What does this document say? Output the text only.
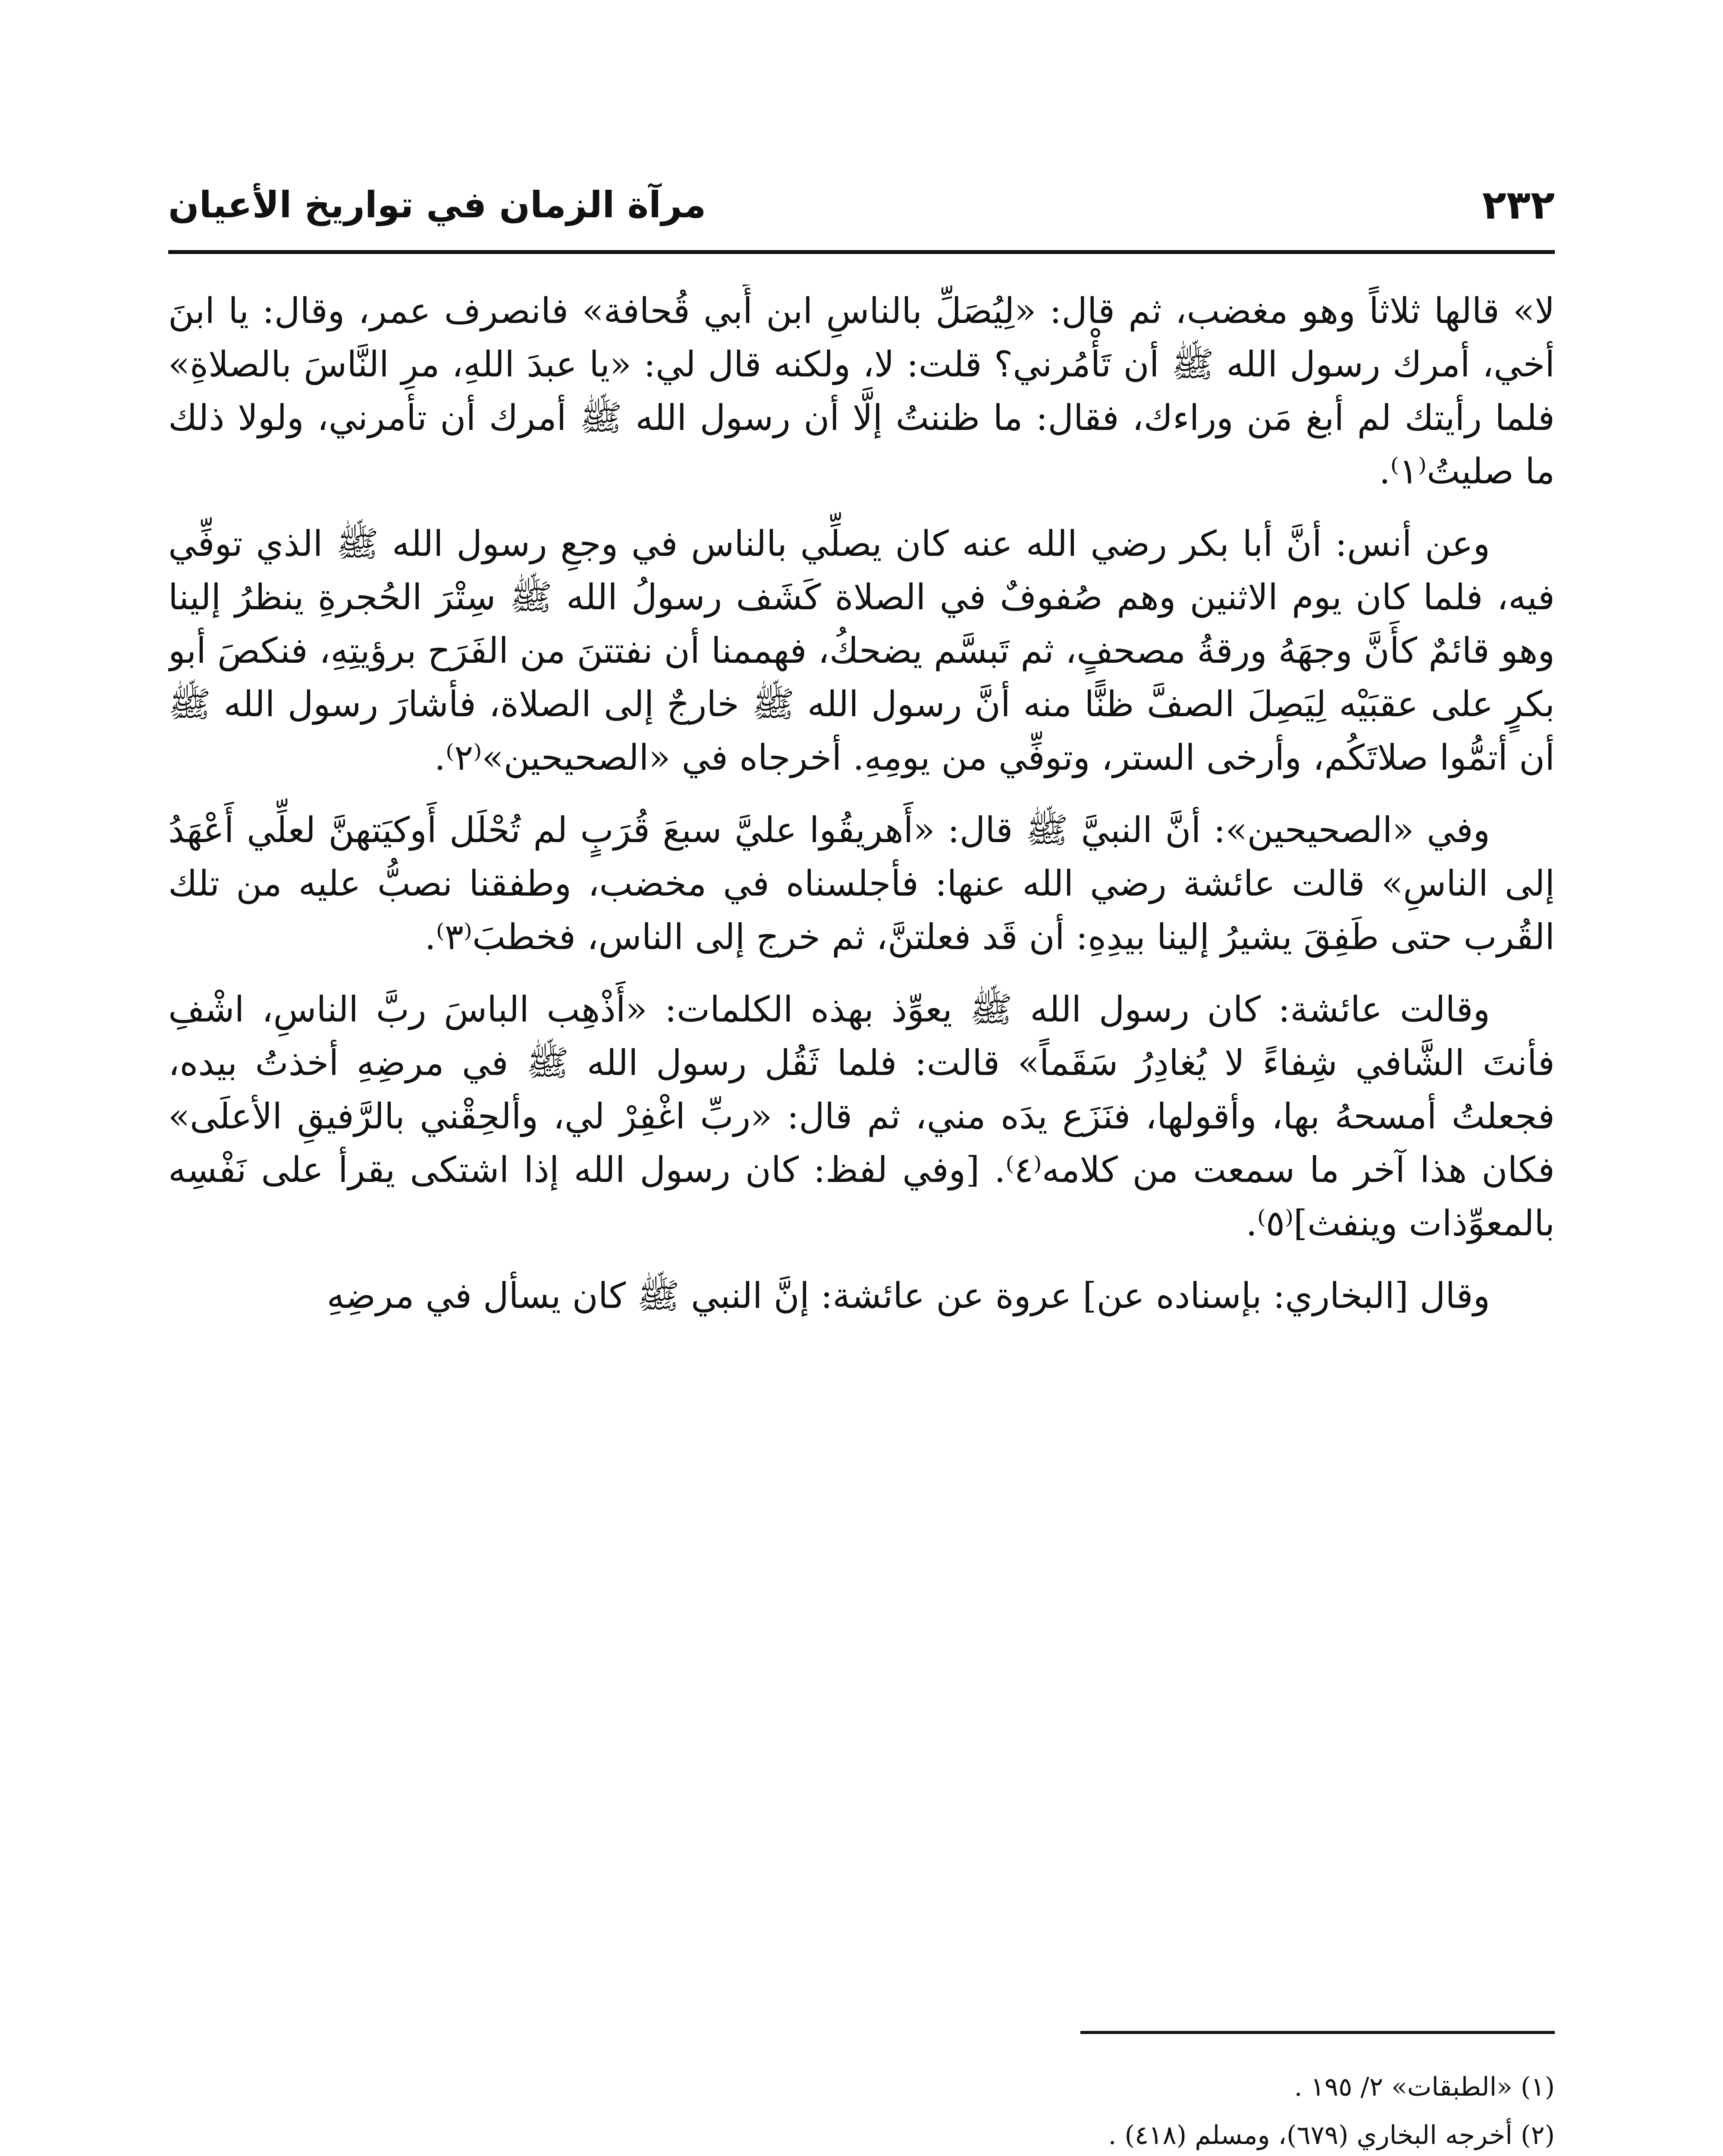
٢٣٢
مرآة الزمان في تواريخ الأعيان

لا» قالها ثلاثاً وهو مغضب، ثم قال: «لِيُصَلِّ بالناسِ ابن أَبي قُحافة» فانصرف عمر، وقال: يا ابنَ أخي، أمرك رسول الله ﷺ أن تَأْمُرني؟ قلت: لا، ولكنه قال لي: «يا عبدَ اللهِ، مرِ النَّاسَ بالصلاةِ» فلما رأيتك لم أبغ مَن وراءك، فقال: ما ظننتُ إلَّا أن رسول الله ﷺ أمرك أن تأمرني، ولولا ذلك ما صليتُ⁽١⁾.

وعن أنس: أنَّ أبا بكر رضي الله عنه كان يصلِّي بالناس في وجعِ رسول الله ﷺ الذي توفِّي فيه، فلما كان يوم الاثنين وهم صُفوفٌ في الصلاة كَشَف رسولُ الله ﷺ سِتْرَ الحُجرةِ ينظرُ إلينا وهو قائمٌ كأَنَّ وجهَهُ ورقةُ مصحفٍ، ثم تَبسَّم يضحكُ، فهممنا أن نفتتنَ من الفَرَح برؤيتِهِ، فنكصَ أبو بكرٍ على عقبَيْه لِيَصِلَ الصفَّ ظنًّا منه أنَّ رسول الله ﷺ خارجٌ إلى الصلاة، فأشارَ رسول الله ﷺ أن أتمُّوا صلاتَكُم، وأرخى الستر، وتوفِّي من يومِهِ. أخرجاه في «الصحيحين»⁽٢⁾.

وفي «الصحيحين»: أنَّ النبيَّ ﷺ قال: «أَهريقُوا عليَّ سبعَ قُرَبٍ لم تُحْلَل أَوكيَتهنَّ لعلِّي أَعْهَدُ إلى الناسِ» قالت عائشة رضي الله عنها: فأجلسناه في مخضب، وطفقنا نصبُّ عليه من تلك القُرب حتى طَفِقَ يشيرُ إلينا بيدِهِ: أن قَد فعلتنَّ، ثم خرج إلى الناس، فخطبَ⁽٣⁾.

وقالت عائشة: كان رسول الله ﷺ يعوِّذ بهذه الكلمات: «أَذْهِب الباسَ ربَّ الناسِ، اشْفِ فأنتَ الشَّافي شِفاءً لا يُغادِرُ سَقَماً» قالت: فلما ثَقُل رسول الله ﷺ في مرضِهِ أخذتُ بيده، فجعلتُ أمسحهُ بها، وأقولها، فنَزَع يدَه مني، ثم قال: «ربِّ اغْفِرْ لي، وألحِقْني بالرَّفيقِ الأعلَى» فكان هذا آخر ما سمعت من كلامه⁽٤⁾. [وفي لفظ: كان رسول الله إذا اشتكى يقرأ على نَفْسِه بالمعوِّذات وينفث]⁽٥⁾.

وقال [البخاري: بإسناده عن] عروة عن عائشة: إنَّ النبي ﷺ كان يسأل في مرضِهِ

(١) «الطبقات» ٢/ ١٩٥ .

(٢) أخرجه البخاري (٦٧٩)، ومسلم (٤١٨) .
